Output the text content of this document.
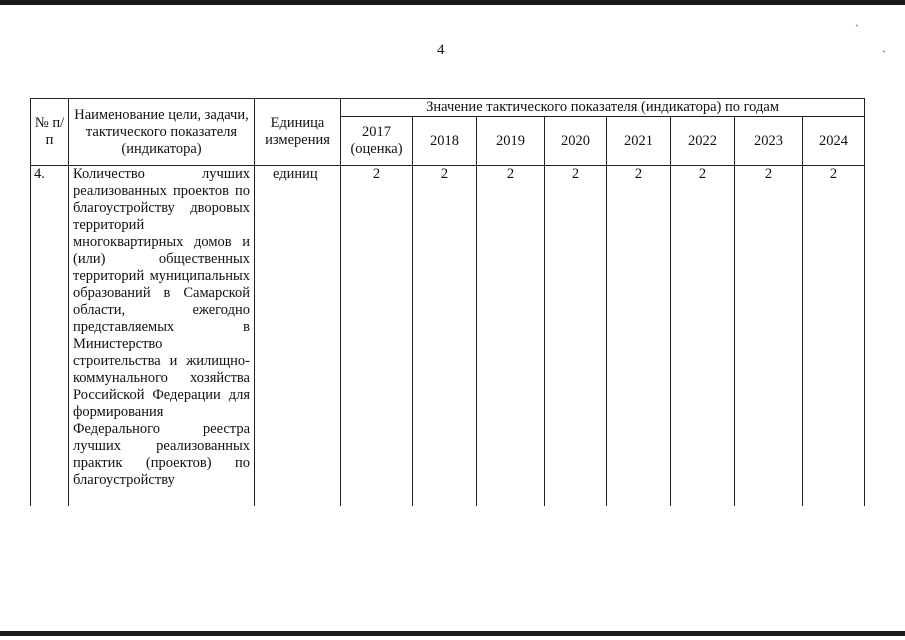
ˏ
ˏ
4
№ п/п	Наименование цели, задачи, тактического показателя (индикатора)	Единица измерения	Значение тактического показателя (индикатора) по годам							
			2017 (оценка)	2018	2019	2020	2021	2022	2023	2024
4.	Количество лучших реализованных проектов по благоустройству дворовых территорий многоквартирных домов и (или) общественных территорий муниципальных образований в Самарской области, ежегодно представляемых в Министерство строительства и жилищно-коммунального хозяйства Российской Федерации для формирования Федерального реестра лучших реализованных практик (проектов) по благоустройству	единиц	2	2	2	2	2	2	2	2
